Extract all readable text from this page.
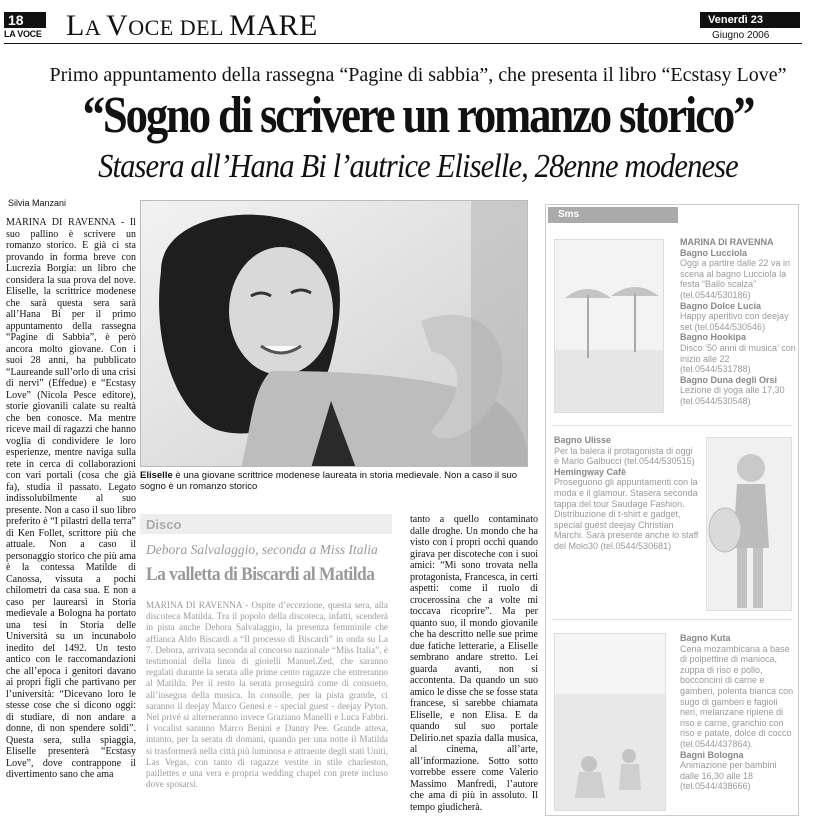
18
LA VOCE LA VOCE DEL MARE	Venerdì 23
Giugno 2006
Primo appuntamento della rassegna “Pagine di sabbia”, che presenta il libro “Ecstasy Love”
“Sogno di scrivere un romanzo storico”
Stasera all’Hana Bi l’autrice Eliselle, 28enne modenese
Silvia Manzani
MARINA DI RAVENNA - Il suo pallino è scrivere un romanzo storico. E già ci sta provando in forma breve con Lucrezia Borgia: un libro che considera la sua prova del nove. Eliselle, la scrittrice modenese che sarà questa sera sarà all’Hana Bi per il primo appuntamento della rassegna “Pagine di Sabbia”, è però ancora molto giovane. Con i suoi 28 anni, ha pubblicato “Laureande sull’orlo di una crisi di nervi” (Effedue) e “Ecstasy Love” (Nicola Pesce editore), storie giovanili calate su realtà che ben conosce. Ma mentre riceve mail di ragazzi che hanno voglia di condividere le loro esperienze, mentre naviga sulla rete in cerca di collaborazioni con vari portali (cosa che già fa), studia il passato. Legato indissolubilmente al suo presente. Non a caso il suo libro preferito è “I pilastri della terra” di Ken Follet, scrittore più che attuale. Non a caso il personaggio storico che più ama è la contessa Matilde di Canossa, vissuta a pochi chilometri da casa sua. E non a caso per laurearsi in Storia medievale a Bologna ha portato una tesi in Storia delle Università su un incunabolo inedito del 1492. Un testo antico con le raccomandazioni che all’epoca i genitori davano ai propri figli che partivano per l’università: “Dicevano loro le stesse cose che si dicono oggi: di studiare, di non andare a donne, di non spendere soldi”. Questa sera, sulla spiaggia, Eliselle presenterà “Ecstasy Love”, dove contrappone il divertimento sano che ama
Eliselle è una giovane scrittrice modenese laureata in storia medievale. Non a caso il suo sogno è un romanzo storico
Disco
Debora Salvalaggio, seconda a Miss Italia
La valletta di Biscardi al Matilda
MARINA DI RAVENNA - Ospite d’eccezione, questa sera, alla discoteca Matilda. Tra il popolo della discoteca, infatti, scenderà in pista anche Debora Salvalaggio, la presenza femminile che affianca Aldo Biscardi a “Il processo di Biscardi” in onda su La 7. Debora, arrivata seconda al concorso nazionale “Miss Italia”, è testimonial della linea di gioielli Manuel.Zed, che saranno regalati durante la serata alle prime cento ragazze che entreranno al Matilda. Per il resto la serata proseguirà come di consueto, all’insegna della musica. In consolle, per la pista grande, ci saranno il deejay Marco Genesi e - special guest - deejay Pyton. Nel privé si alterneranno invece Graziano Manelli e Luca Fabbri. I vocalist saranno Marco Benini e Danny Pee. Grande attesa, intanto, per la serata di domani, quando per una notte il Matilda si trasformerà nella città più luminosa e attraente degli stati Uniti, Las Vegas, con tanto di ragazze vestite in stile charleston, paillettes e una vera e propria wedding chapel con prete incluso dove sposarsi.
tanto a quello contaminato dalle droghe. Un mondo che ha visto con i propri occhi quando girava per discoteche con i suoi amici: “Mi sono trovata nella protagonista, Francesca, in certi aspetti: come il ruolo di crocerossina che a volte mi toccava ricoprire”. Ma per quanto suo, il mondo giovanile che ha descritto nelle sue prime due fatiche letterarie, a Eliselle sembrano andare stretto. Lei guarda avanti, non si accontenta. Da quando un suo amico le disse che se fosse stata francese, si sarebbe chiamata Eliselle, e non Elisa. E da quando sul suo portale Delirio.net spazia dalla musica, al cinema, all’arte, all’informazione. Sotto sotto vorrebbe essere come Valerio Massimo Manfredi, l’autore che ama di più in assoluto. Il tempo giudicherà.
Sms
MARINA DI RAVENNA
Bagno Lucciola
Oggi a partire dalle 22 va in scena al bagno Lucciola la festa “Ballo scalza” (tel.0544/530186)
Bagno Dolce Lucia
Happy aperitivo con deejay set (tel.0544/530546)
Bagno Hookipa
Disco ’50 anni di musica’ con inizio alle 22 (tel.0544/531788)
Bagno Duna degli Orsi
Lezione di yoga alle 17,30 (tel.0544/530548)
Bagno Ulisse
Per la balera il protagonista di oggi è Mario Galbucci (tel.0544/530515)
Hemingway Cafè
Proseguono gli appuntamenti con la moda e il glamour. Stasera seconda tappa del tour Saudage Fashion. Distribuzione di t-shirt e gadget, special guest deejay Christian Marchi. Sarà presente anche lo staff del Molo30 (tel.0544/530681)
Bagno Kuta
Cena mozambicana a base di polpettine di manioca, zuppa di riso e pollo, bocconcini di carne e gamberi, polenta bianca con sugo di gamberi e fagioli neri, melanzane ripiene di riso e carne, granchio con riso e patate, dolce di cocco (tel.0544/437864).
Bagni Bologna
Animazione per bambini dalle 16,30 alle 18 (tel.0544/438666)
